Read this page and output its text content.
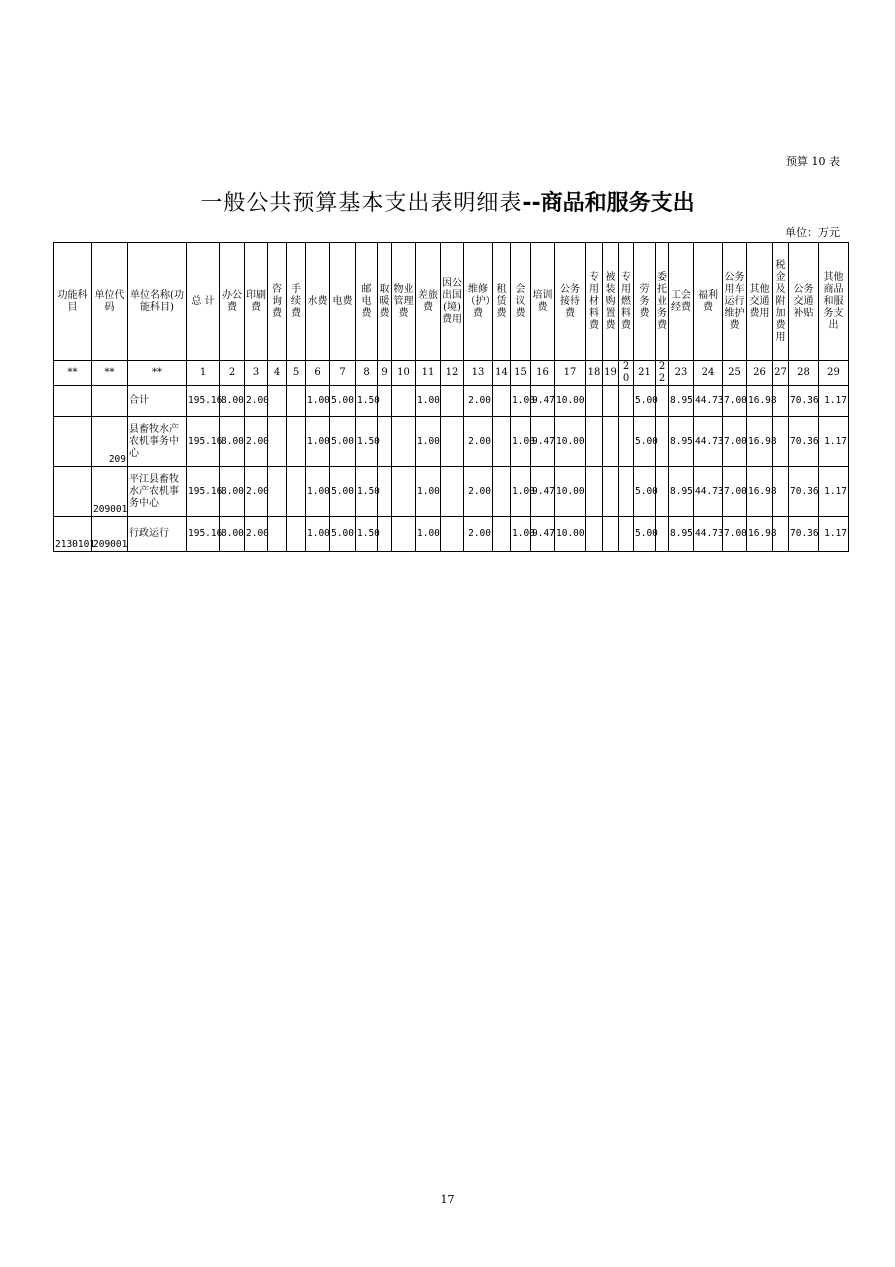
预算 10 表
一般公共预算基本支出表明细表--商品和服务支出
单位：万元
功能科目	单位代码	单位名称(功能科目)	总 计	办公费	印刷费	咨询费	手续费	水费	电费	邮电费	取暖费	物业管理费	差旅费	因公出国(境)费用	维修（护）费	租赁费	会议费	培训费	公务接待费	专用材料费	被装购置费	专用燃料费	劳务费	委托业务费	工会经费	福利费	公务用车运行维护费	其他交通费用	税金及附加费用	公务交通补贴	其他商品和服务支出
**	**	**	1	2	3	4	5	6	7	8	9	10	11	12	13	14	15	16	17	18	19	20	21	22	23	24	25	26	27	28	29
		合计	195.16	8.00	2.00			1.00	5.00	1.50			1.00		2.00		1.00	9.47	10.00				5.00		8.95	44.73	7.00	16.98		70.36	1.17
	209	县畜牧水产农机事务中心	195.16	8.00	2.00			1.00	5.00	1.50			1.00		2.00		1.00	9.47	10.00				5.00		8.95	44.73	7.00	16.98		70.36	1.17
	209001	平江县畜牧水产农机事务中心	195.16	8.00	2.00			1.00	5.00	1.50			1.00		2.00		1.00	9.47	10.00				5.00		8.95	44.73	7.00	16.98		70.36	1.17
2130101	209001	行政运行	195.16	8.00	2.00			1.00	5.00	1.50			1.00		2.00		1.00	9.47	10.00				5.00		8.95	44.73	7.00	16.98		70.36	1.17
17
